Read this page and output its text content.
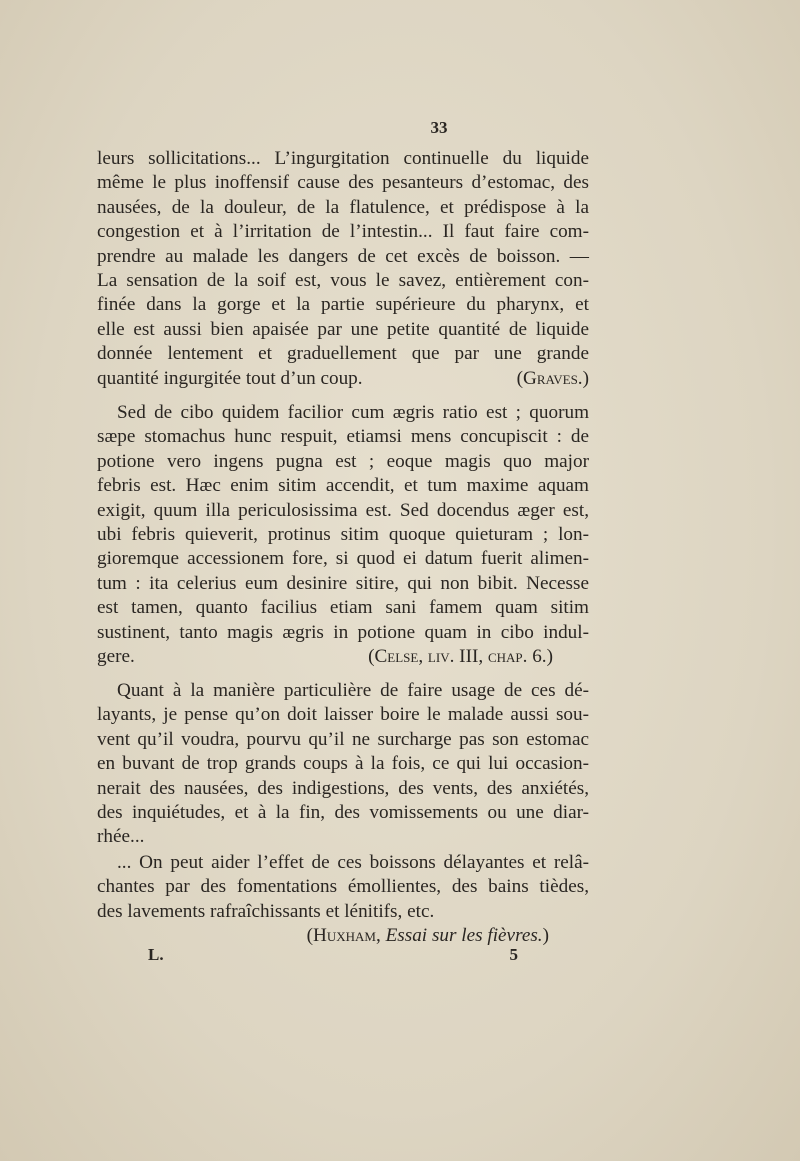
33
leurs sollicitations... L’ingurgitation continuelle du liquide
même le plus inoffensif cause des pesanteurs d’estomac, des
nausées, de la douleur, de la flatulence, et prédispose à la
congestion et à l’irritation de l’intestin... Il faut faire com-
prendre au malade les dangers de cet excès de boisson. —
La sensation de la soif est, vous le savez, entièrement con-
finée dans la gorge et la partie supérieure du pharynx, et
elle est aussi bien apaisée par une petite quantité de liquide
donnée lentement et graduellement que par une grande
quantité ingurgitée tout d’un coup.	(Graves.)
Sed de cibo quidem facilior cum ægris ratio est ; quorum
sæpe stomachus hunc respuit, etiamsi mens concupiscit : de
potione vero ingens pugna est ; eoque magis quo major
febris est. Hæc enim sitim accendit, et tum maxime aquam
exigit, quum illa periculosissima est. Sed docendus æger est,
ubi febris quieverit, protinus sitim quoque quieturam ; lon-
gioremque accessionem fore, si quod ei datum fuerit alimen-
tum : ita celerius eum desinire sitire, qui non bibit. Necesse
est tamen, quanto facilius etiam sani famem quam sitim
sustinent, tanto magis ægris in potione quam in cibo indul-
gere.	(Celse, liv. III, chap. 6.)
Quant à la manière particulière de faire usage de ces dé-
layants, je pense qu’on doit laisser boire le malade aussi sou-
vent qu’il voudra, pourvu qu’il ne surcharge pas son estomac
en buvant de trop grands coups à la fois, ce qui lui occasion-
nerait des nausées, des indigestions, des vents, des anxiétés,
des inquiétudes, et à la fin, des vomissements ou une diar-
rhée...
... On peut aider l’effet de ces boissons délayantes et relâ-
chantes par des fomentations émollientes, des bains tièdes,
des lavements rafraîchissants et lénitifs, etc.
(Huxham, Essai sur les fièvres.)
L.	5
